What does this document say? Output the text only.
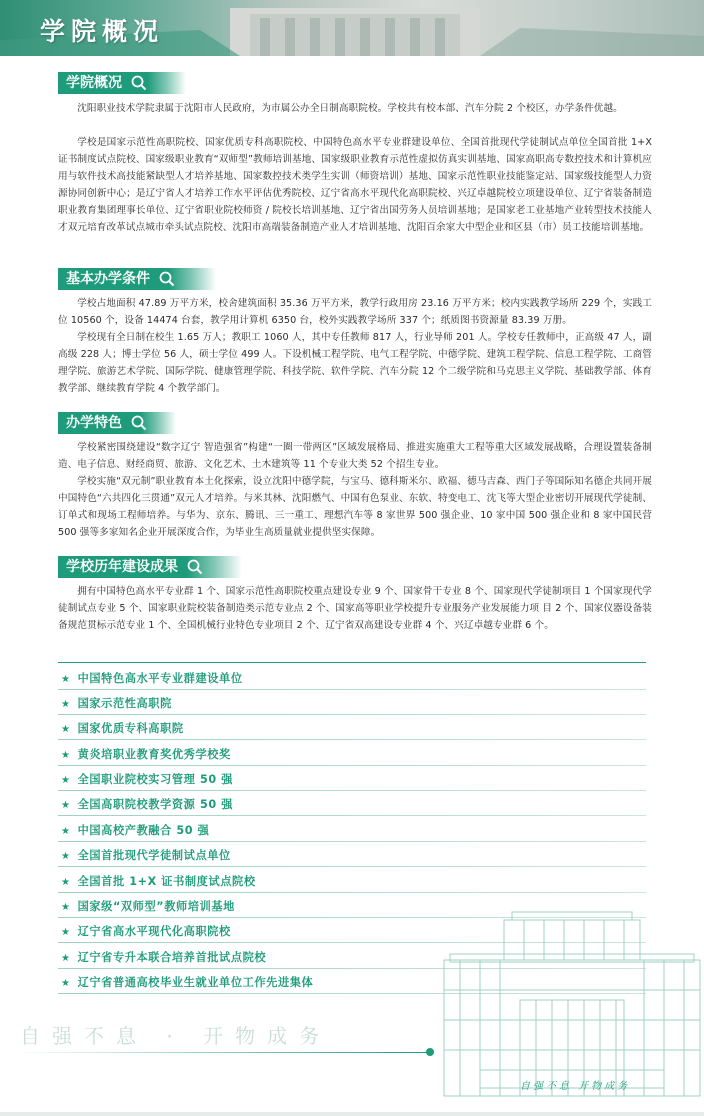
学院概况
学院概况

沈阳职业技术学院隶属于沈阳市人民政府，为市属公办全日制高职院校。学校共有校本部、汽车分院 2 个校区，办学条件优越。

学校是国家示范性高职院校、国家优质专科高职院校、中国特色高水平专业群建设单位、全国首批现代学徒制试点单位全国首批 1+X 证书制度试点院校、国家级职业教育“双师型”教师培训基地、国家级职业教育示范性虚拟仿真实训基地、国家高职高专数控技术和计算机应用与软件技术高技能紧缺型人才培养基地、国家数控技术类学生实训（师资培训）基地、国家示范性职业技能鉴定站、国家级技能型人力资源协同创新中心；是辽宁省人才培养工作水平评估优秀院校、辽宁省高水平现代化高职院校、兴辽卓越院校立项建设单位、辽宁省装备制造职业教育集团理事长单位、辽宁省职业院校师资 / 院校长培训基地、辽宁省出国劳务人员培训基地；是国家老工业基地产业转型技术技能人才双元培育改革试点城市牵头试点院校、沈阳市高端装备制造产业人才培训基地、沈阳百余家大中型企业和区县（市）员工技能培训基地。

基本办学条件

学校占地面积 47.89 万平方米，校舍建筑面积 35.36 万平方米，教学行政用房 23.16 万平方米；校内实践教学场所 229 个，实践工位 10560 个，设备 14474 台套，教学用计算机 6350 台，校外实践教学场所 337 个；纸质图书资源量 83.39 万册。

学校现有全日制在校生 1.65 万人；教职工 1060 人，其中专任教师 817 人，行业导师 201 人。学校专任教师中，正高级 47 人，副高级 228 人；博士学位 56 人，硕士学位 499 人。下设机械工程学院、电气工程学院、中德学院、建筑工程学院、信息工程学院、工商管理学院、旅游艺术学院、国际学院、健康管理学院、科技学院、软件学院、汽车分院 12 个二级学院和马克思主义学院、基础教学部、体育教学部、继续教育学院 4 个教学部门。

办学特色

学校紧密围绕建设“数字辽宁 智造强省”构建“一圈一带两区”区域发展格局、推进实施重大工程等重大区域发展战略，合理设置装备制造、电子信息、财经商贸、旅游、文化艺术、土木建筑等 11 个专业大类 52 个招生专业。

学校实施“双元制”职业教育本土化探索，设立沈阳中德学院，与宝马、德科斯米尔、欧福、德马吉森、西门子等国际知名德企共同开展中国特色“六共四化三贯通”双元人才培养。与米其林、沈阳燃气、中国有色泵业、东软、特变电工、沈飞等大型企业密切开展现代学徒制、订单式和现场工程师培养。与华为、京东、腾讯、三一重工、理想汽车等 8 家世界 500 强企业、10 家中国 500 强企业和 8 家中国民营 500 强等多家知名企业开展深度合作，为毕业生高质量就业提供坚实保障。

学校历年建设成果

拥有中国特色高水平专业群 1 个、国家示范性高职院校重点建设专业 9 个、国家骨干专业 8 个、国家现代学徒制项目 1 个国家现代学徒制试点专业 5 个、国家职业院校装备制造类示范专业点 2 个、国家高等职业学校提升专业服务产业发展能力项 目 2 个、国家仪器设备装备规范贯标示范专业 1 个、全国机械行业特色专业项目 2 个、辽宁省双高建设专业群 4 个、兴辽卓越专业群 6 个。

★ 中国特色高水平专业群建设单位
★ 国家示范性高职院
★ 国家优质专科高职院
★ 黄炎培职业教育奖优秀学校奖
★ 全国职业院校实习管理 50 强
★ 全国高职院校教学资源 50 强
★ 中国高校产教融合 50 强
★ 全国首批现代学徒制试点单位
★ 全国首批 1+X 证书制度试点院校
★ 国家级“双师型”教师培训基地
★ 辽宁省高水平现代化高职院校
★ 辽宁省专升本联合培养首批试点院校
★ 辽宁省普通高校毕业生就业单位工作先进集体
自强不息 开物成务
自强不息 · 开物成务
